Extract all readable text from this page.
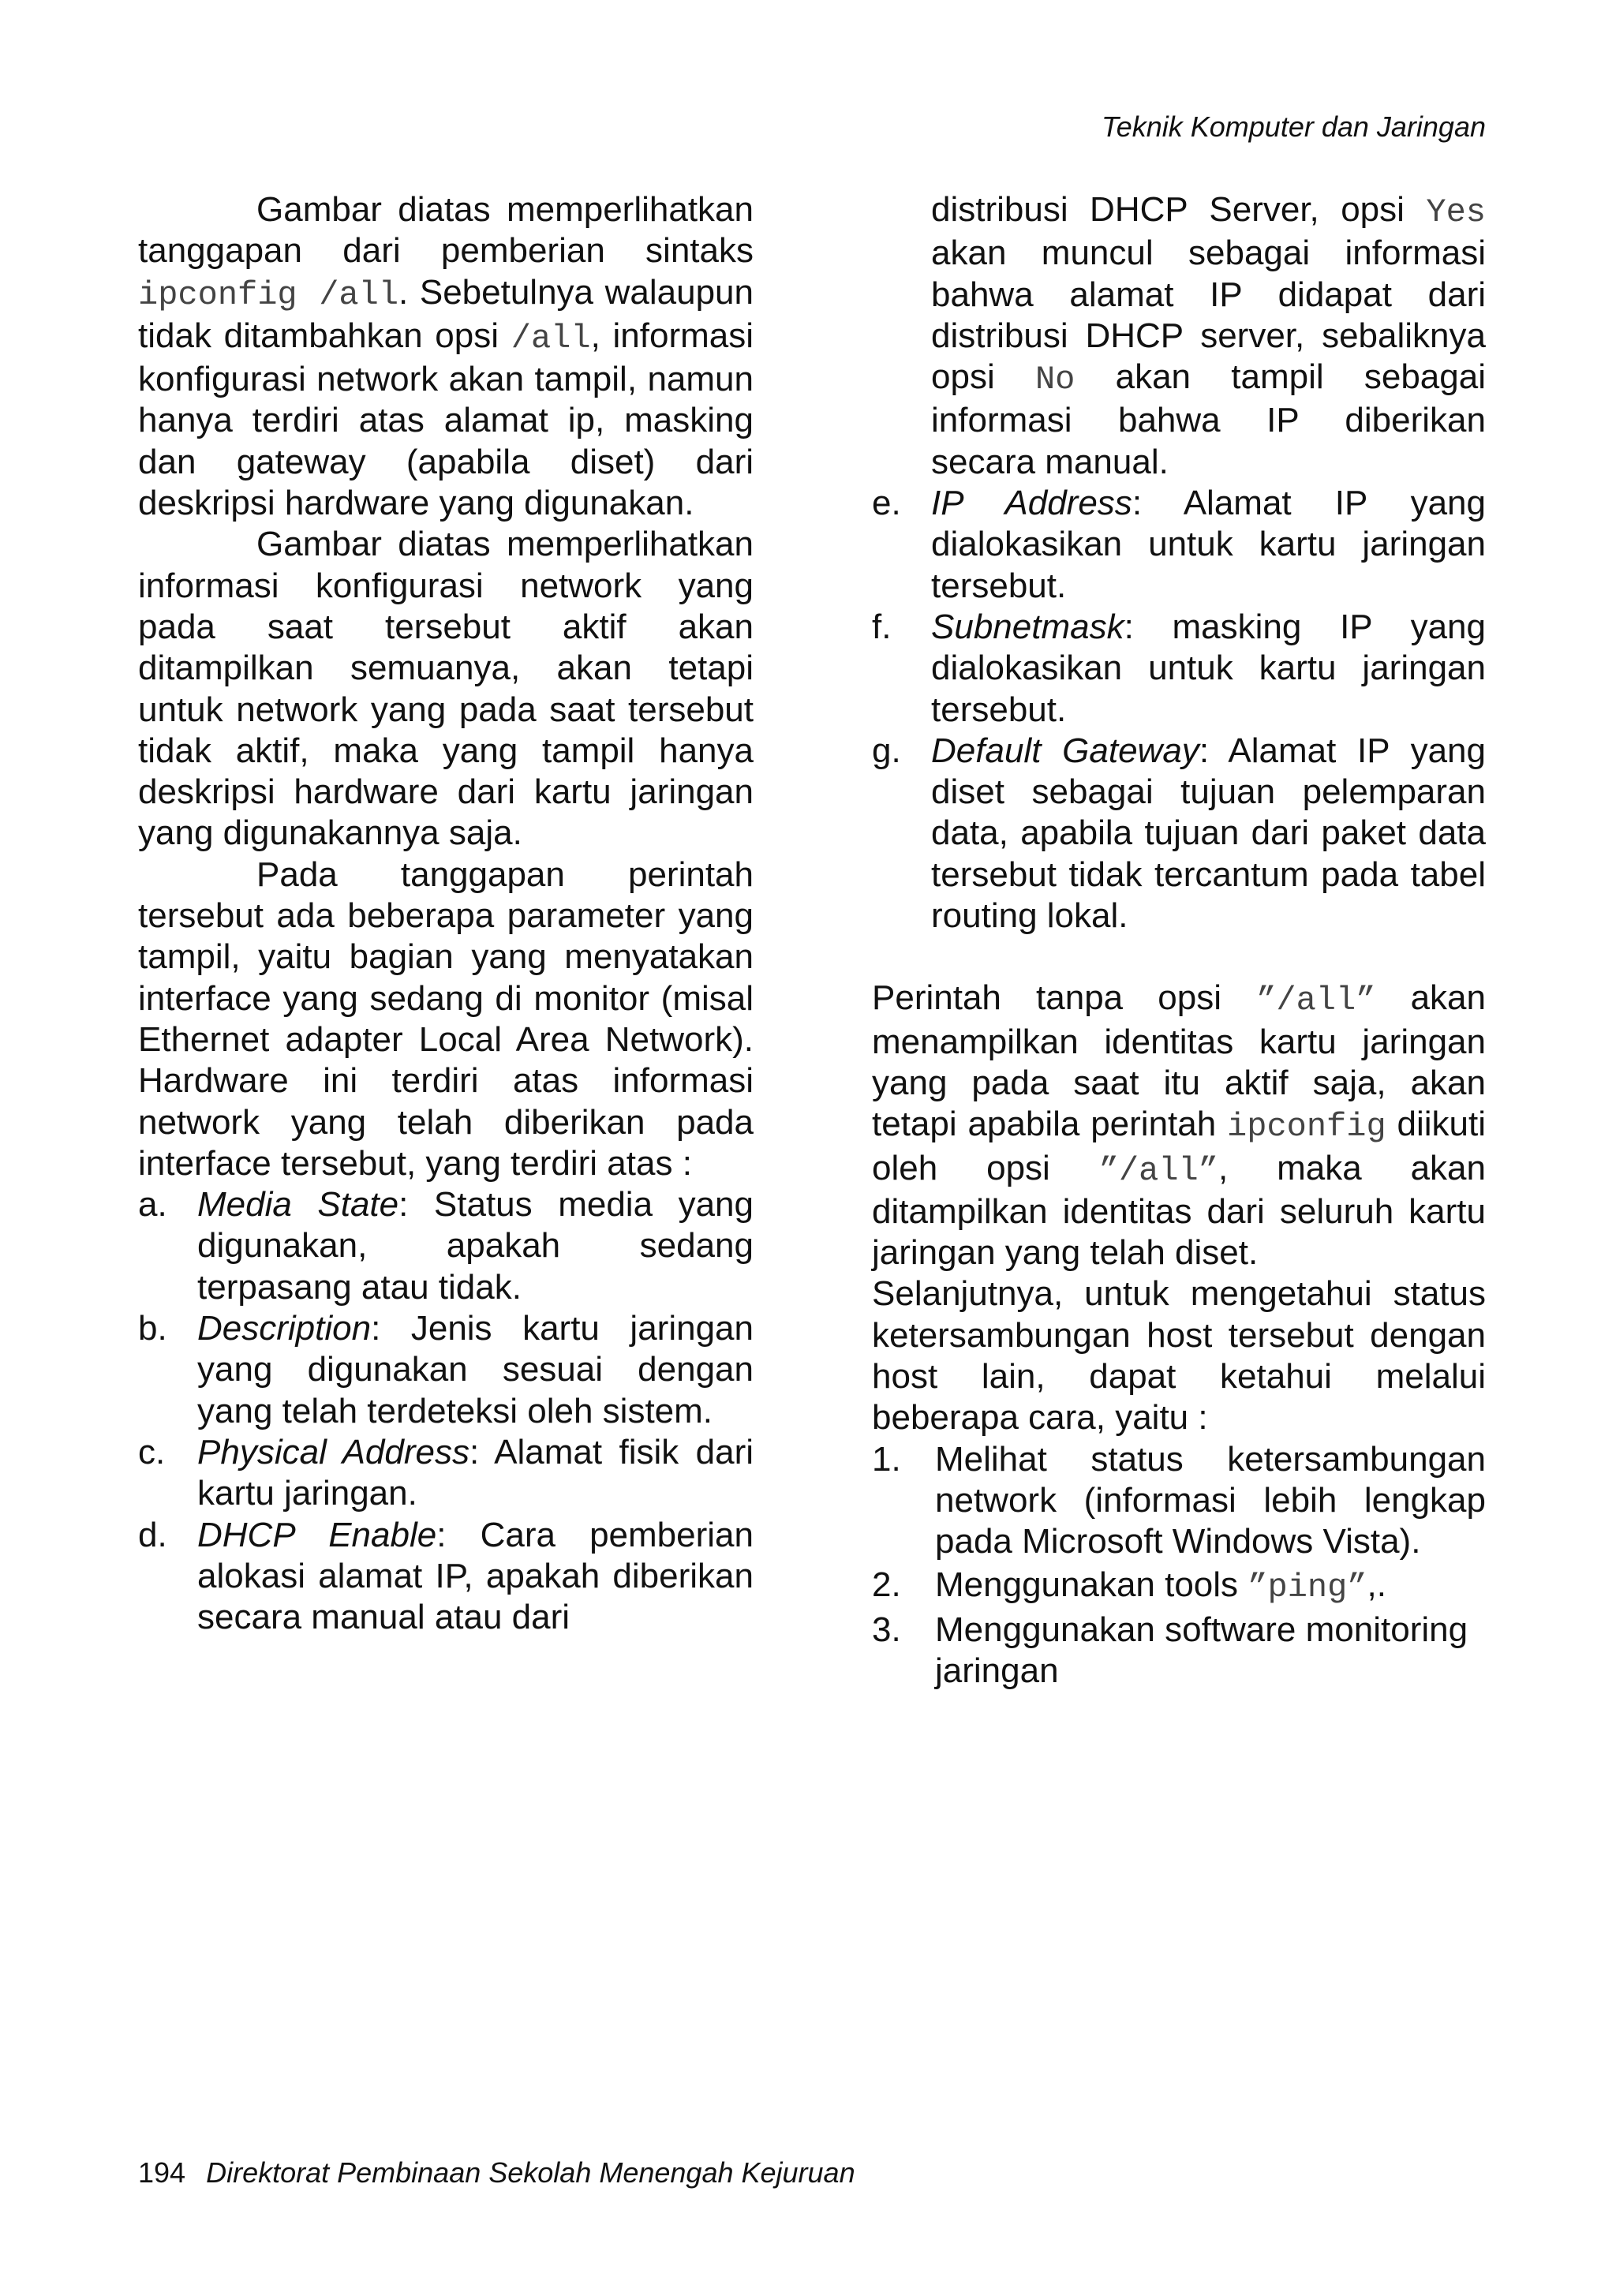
Teknik Komputer dan Jaringan

Gambar diatas memperlihatkan tanggapan dari pemberian sintaks ipconfig /all. Sebetulnya walaupun tidak ditambahkan opsi /all, informasi konfigurasi network akan tampil, namun hanya terdiri atas alamat ip, masking dan gateway (apabila diset) dari deskripsi hardware yang digunakan.

Gambar diatas memperlihatkan informasi konfigurasi network yang pada saat tersebut aktif akan ditampilkan semuanya, akan tetapi untuk network yang pada saat tersebut tidak aktif, maka yang tampil hanya deskripsi hardware dari kartu jaringan yang digunakannya saja.

Pada tanggapan perintah tersebut ada beberapa parameter yang tampil, yaitu bagian yang menyatakan interface yang sedang di monitor (misal Ethernet adapter Local Area Network). Hardware ini terdiri atas informasi network yang telah diberikan pada interface tersebut, yang terdiri atas :

a. Media State: Status media yang digunakan, apakah sedang terpasang atau tidak.
b. Description: Jenis kartu jaringan yang digunakan sesuai dengan yang telah terdeteksi oleh sistem.
c. Physical Address: Alamat fisik dari kartu jaringan.
d. DHCP Enable: Cara pemberian alokasi alamat IP, apakah diberikan secara manual atau dari
distribusi DHCP Server, opsi Yes akan muncul sebagai informasi bahwa alamat IP didapat dari distribusi DHCP server, sebaliknya opsi No akan tampil sebagai informasi bahwa IP diberikan secara manual.
e. IP Address: Alamat IP yang dialokasikan untuk kartu jaringan tersebut.
f. Subnetmask: masking IP yang dialokasikan untuk kartu jaringan tersebut.
g. Default Gateway: Alamat IP yang diset sebagai tujuan pelemparan data, apabila tujuan dari paket data tersebut tidak tercantum pada tabel routing lokal.

Perintah tanpa opsi ”/all” akan menampilkan identitas kartu jaringan yang pada saat itu aktif saja, akan tetapi apabila perintah ipconfig diikuti oleh opsi ”/all”, maka akan ditampilkan identitas dari seluruh kartu jaringan yang telah diset.

Selanjutnya, untuk mengetahui status ketersambungan host tersebut dengan host lain, dapat ketahui melalui beberapa cara, yaitu :

1. Melihat status ketersambungan network (informasi lebih lengkap pada Microsoft Windows Vista).
2. Menggunakan tools ”ping”,.
3. Menggunakan software monitoring jaringan
194 Direktorat Pembinaan Sekolah Menengah Kejuruan
